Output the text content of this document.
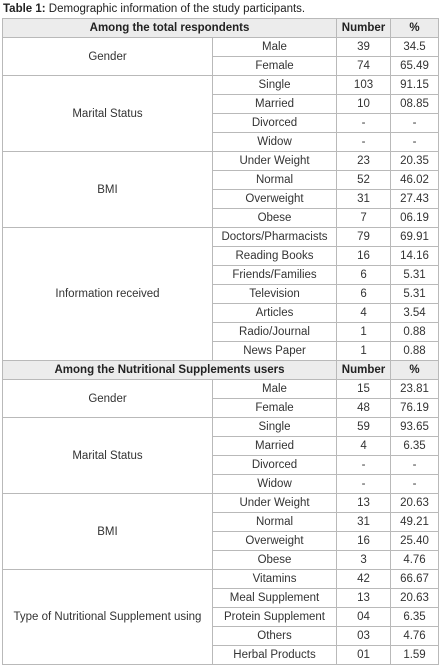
Table 1: Demographic information of the study participants.
Among the total respondents		Number	%
Gender	Male	39	34.5
	Female	74	65.49
Marital Status	Single	103	91.15
	Married	10	08.85
	Divorced	-	-
	Widow	-	-
BMI	Under Weight	23	20.35
	Normal	52	46.02
	Overweight	31	27.43
	Obese	7	06.19
Information received	Doctors/Pharmacists	79	69.91
	Reading Books	16	14.16
	Friends/Families	6	5.31
	Television	6	5.31
	Articles	4	3.54
	Radio/Journal	1	0.88
	News Paper	1	0.88
Among the Nutritional Supplements users		Number	%
Gender	Male	15	23.81
	Female	48	76.19
Marital Status	Single	59	93.65
	Married	4	6.35
	Divorced	-	-
	Widow	-	-
BMI	Under Weight	13	20.63
	Normal	31	49.21
	Overweight	16	25.40
	Obese	3	4.76
Type of Nutritional Supplement using	Vitamins	42	66.67
	Meal Supplement	13	20.63
	Protein Supplement	04	6.35
	Others	03	4.76
	Herbal Products	01	1.59
